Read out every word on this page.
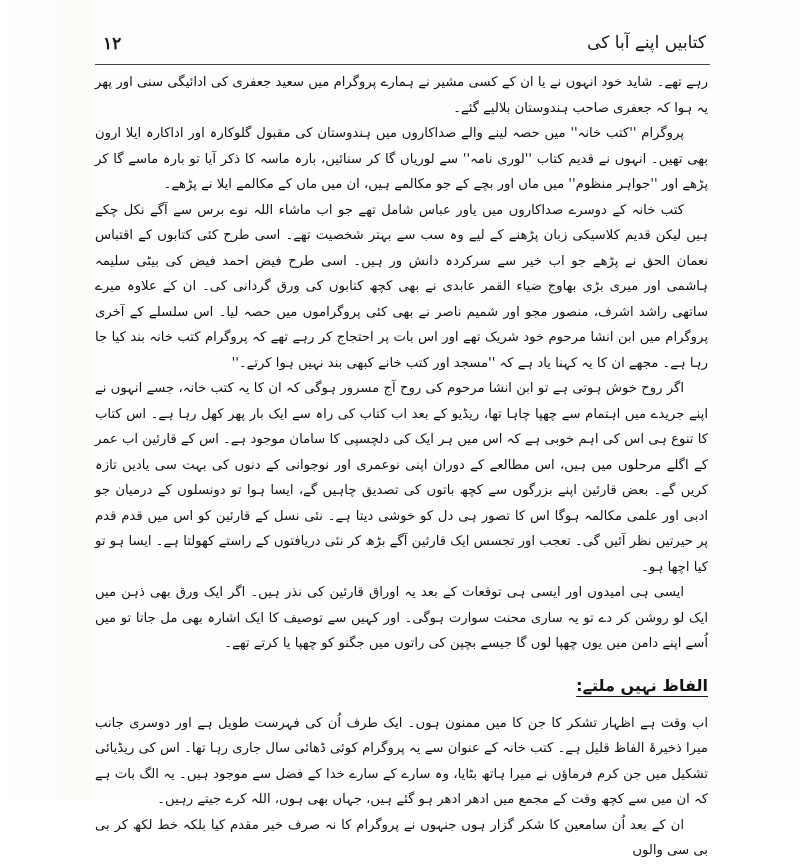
۱۲	کتابیں اپنے آبا کی

رہے تھے۔ شاید خود انہوں نے یا ان کے کسی مشیر نے ہمارے پروگرام میں سعید جعفری کی ادائیگی سنی اور پھر یہ ہوا کہ جعفری صاحب ہندوستان بلالیے گئے۔

پروگرام ''کتب خانہ'' میں حصہ لینے والے صداکاروں میں ہندوستان کی مقبول گلوکارہ اور اداکارہ ایلا ارون بھی تھیں۔ انہوں نے قدیم کتاب ''لوری نامہ'' سے لوریاں گا کر سنائیں، بارہ ماسہ کا ذکر آیا تو بارہ ماسے گا کر پڑھے اور ''جواہر منظوم'' میں ماں اور بچے کے جو مکالمے ہیں، ان میں ماں کے مکالمے ایلا نے پڑھے۔

کتب خانہ کے دوسرے صداکاروں میں یاور عباس شامل تھے جو اب ماشاء اللہ نوے برس سے آگے نکل چکے ہیں لیکن قدیم کلاسیکی زبان پڑھنے کے لیے وہ سب سے بہتر شخصیت تھے۔ اسی طرح کئی کتابوں کے اقتباس نعمان الحق نے پڑھے جو اب خیر سے سرکردہ دانش ور ہیں۔ اسی طرح فیض احمد فیض کی بیٹی سلیمہ ہاشمی اور میری بڑی بھاوج ضیاء القمر عابدی نے بھی کچھ کتابوں کی ورق گردانی کی۔ ان کے علاوہ میرے ساتھی راشد اشرف، منصور مجو اور شمیم ناصر نے بھی کئی پروگراموں میں حصہ لیا۔ اس سلسلے کے آخری پروگرام میں ابن انشا مرحوم خود شریک تھے اور اس بات پر احتجاج کر رہے تھے کہ پروگرام کتب خانہ بند کیا جا رہا ہے۔ مجھے ان کا یہ کہنا یاد ہے کہ ''مسجد اور کتب خانے کبھی بند نہیں ہوا کرتے۔''

اگر روح خوش ہوتی ہے تو ابن انشا مرحوم کی روح آج مسرور ہوگی کہ ان کا یہ کتب خانہ، جسے انہوں نے اپنے جریدے میں اہتمام سے چھپا چاہا تھا، ریڈیو کے بعد اب کتاب کی راہ سے ایک بار پھر کھل رہا ہے۔ اس کتاب کا تنوع ہی اس کی اہم خوبی ہے کہ اس میں ہر ایک کی دلچسپی کا سامان موجود ہے۔ اس کے قارئین اب عمر کے اگلے مرحلوں میں ہیں، اس مطالعے کے دوران اپنی نوعمری اور نوجوانی کے دنوں کی بہت سی یادیں تازہ کریں گے۔ بعض قارئین اپنے بزرگوں سے کچھ باتوں کی تصدیق چاہیں گے، ایسا ہوا تو دونسلوں کے درمیان جو ادبی اور علمی مکالمہ ہوگا اس کا تصور ہی دل کو خوشی دیتا ہے۔ نئی نسل کے قارئین کو اس میں قدم قدم پر حیرتیں نظر آئیں گی۔ تعجب اور تجسس ایک قارئین آگے بڑھ کر نئی دریافتوں کے راستے کھولتا ہے۔ ایسا ہو تو کیا اچھا ہو۔

ایسی ہی امیدوں اور ایسی ہی توقعات کے بعد یہ اوراق قارئین کی نذر ہیں۔ اگر ایک ورق بھی ذہن میں ایک لو روشن کر دے تو یہ ساری محنت سوارت ہوگی۔ اور کہیں سے توصیف کا ایک اشارہ بھی مل جاتا تو میں اُسے اپنے دامن میں یوں چھپا لوں گا جیسے بچپن کی راتوں میں جگنو کو چھپا یا کرتے تھے۔

الفاظ نہیں ملتے:

اب وقت ہے اظہار تشکر کا جن کا میں ممنون ہوں۔ ایک طرف اُن کی فہرست طویل ہے اور دوسری جانب میرا ذخیرۂ الفاظ قلیل ہے۔ کتب خانہ کے عنوان سے یہ پروگرام کوئی ڈھائی سال جاری رہا تھا۔ اس کی ریڈیائی تشکیل میں جن کرم فرماؤں نے میرا ہاتھ بٹایا، وہ سارے کے سارے خدا کے فضل سے موجود ہیں۔ یہ الگ بات ہے کہ ان میں سے کچھ وقت کے مجمع میں ادھر ادھر ہو گئے ہیں، جہاں بھی ہوں، اللہ کرے جیتے رہیں۔

ان کے بعد اُن سامعین کا شکر گزار ہوں جنہوں نے پروگرام کا نہ صرف خیر مقدم کیا بلکہ خط لکھ کر بی بی سی والوں
